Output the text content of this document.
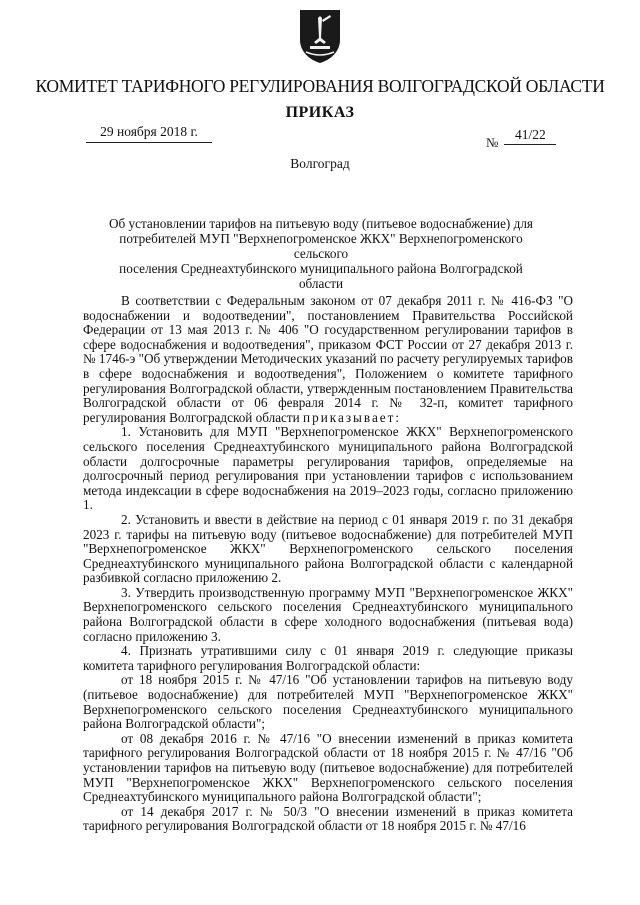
КОМИТЕТ ТАРИФНОГО РЕГУЛИРОВАНИЯ ВОЛГОГРАДСКОЙ ОБЛАСТИ
ПРИКАЗ
29 ноября 2018 г.
№
41/22
Волгоград
Об установлении тарифов на питьевую воду (питьевое водоснабжение) для
потребителей МУП "Верхнепогроменское ЖКХ" Верхнепогроменского сельского
поселения Среднеахтубинского муниципального района Волгоградской области

В соответствии с Федеральным законом от 07 декабря 2011 г. № 416-ФЗ "О водоснабжении и водоотведении", постановлением Правительства Российской Федерации от 13 мая 2013 г. № 406 "О государственном регулировании тарифов в сфере водоснабжения и водоотведения", приказом ФСТ России от 27 декабря 2013 г. № 1746-э "Об утверждении Методических указаний по расчету регулируемых тарифов в сфере водоснабжения и водоотведения", Положением о комитете тарифного регулирования Волгоградской области, утвержденным постановлением Правительства Волгоградской области от 06 февраля 2014 г. № 32-п, комитет тарифного регулирования Волгоградской области приказывает:

1. Установить для МУП "Верхнепогроменское ЖКХ" Верхнепогроменского сельского поселения Среднеахтубинского муниципального района Волгоградской области долгосрочные параметры регулирования тарифов, определяемые на долгосрочный период регулирования при установлении тарифов с использованием метода индексации в сфере водоснабжения на 2019–2023 годы, согласно приложению 1.

2. Установить и ввести в действие на период с 01 января 2019 г. по 31 декабря 2023 г. тарифы на питьевую воду (питьевое водоснабжение) для потребителей МУП "Верхнепогроменское ЖКХ" Верхнепогроменского сельского поселения Среднеахтубинского муниципального района Волгоградской области с календарной разбивкой согласно приложению 2.

3. Утвердить производственную программу МУП "Верхнепогроменское ЖКХ" Верхнепогроменского сельского поселения Среднеахтубинского муниципального района Волгоградской области в сфере холодного водоснабжения (питьевая вода) согласно приложению 3.

4. Признать утратившими силу с 01 января 2019 г. следующие приказы комитета тарифного регулирования Волгоградской области:

от 18 ноября 2015 г. № 47/16 "Об установлении тарифов на питьевую воду (питьевое водоснабжение) для потребителей МУП "Верхнепогроменское ЖКХ" Верхнепогроменского сельского поселения Среднеахтубинского муниципального района Волгоградской области";

от 08 декабря 2016 г. № 47/16 "О внесении изменений в приказ комитета тарифного регулирования Волгоградской области от 18 ноября 2015 г. № 47/16 "Об установлении тарифов на питьевую воду (питьевое водоснабжение) для потребителей МУП "Верхнепогроменское ЖКХ" Верхнепогроменского сельского поселения Среднеахтубинского муниципального района Волгоградской области";

от 14 декабря 2017 г. № 50/3 "О внесении изменений в приказ комитета тарифного регулирования Волгоградской области от 18 ноября 2015 г. № 47/16
